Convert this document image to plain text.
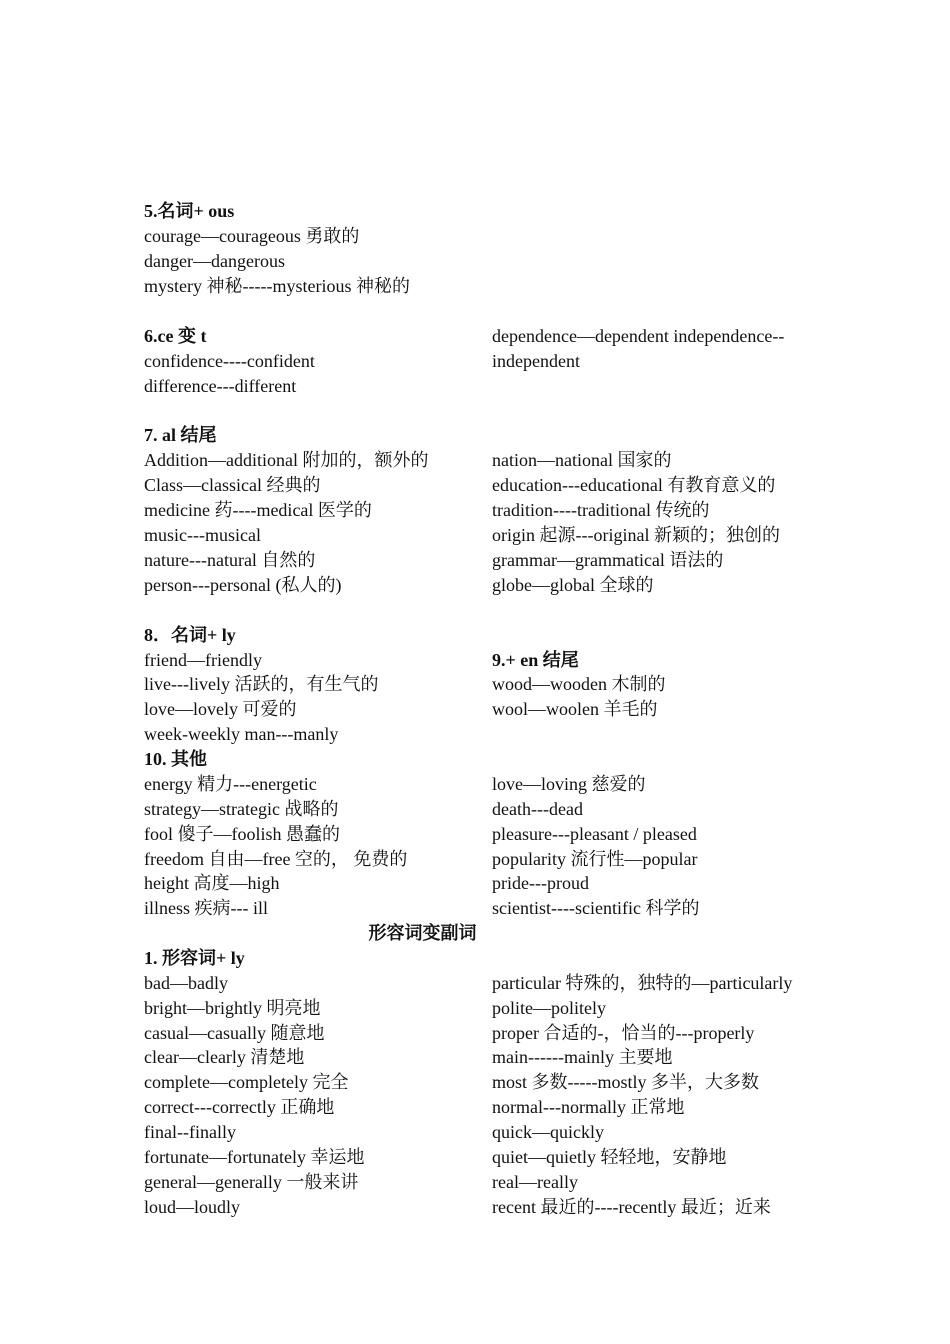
5.名词+ ous
courage—courageous 勇敢的
danger—dangerous
mystery 神秘-----mysterious 神秘的
6.ce 变 t
confidence----confident
difference---different
dependence—dependent independence--
independent
7. al 结尾
Addition—additional 附加的，额外的
Class—classical 经典的
medicine 药----medical 医学的
music---musical
nature---natural 自然的
person---personal (私人的)
nation—national 国家的
education---educational 有教育意义的
tradition----traditional 传统的
origin 起源---original 新颖的；独创的
grammar—grammatical 语法的
globe—global 全球的
8．名词+ ly
friend—friendly
live---lively 活跃的，有生气的
love—lovely 可爱的
week-weekly man---manly
9.+ en 结尾
wood—wooden 木制的
wool—woolen 羊毛的
10. 其他
energy 精力---energetic
strategy—strategic 战略的
fool 傻子—foolish 愚蠢的
freedom 自由—free 空的， 免费的
height 高度—high
illness 疾病--- ill
love—loving 慈爱的
death---dead
pleasure---pleasant / pleased
popularity 流行性—popular
pride---proud
scientist----scientific 科学的
形容词变副词
1. 形容词+ ly
bad—badly
bright—brightly 明亮地
casual—casually 随意地
clear—clearly 清楚地
complete—completely 完全
correct---correctly 正确地
final--finally
fortunate—fortunately 幸运地
general—generally 一般来讲
loud—loudly
particular 特殊的，独特的—particularly
polite—politely
proper 合适的-，恰当的---properly
main------mainly 主要地
most 多数-----mostly 多半，大多数
normal---normally 正常地
quick—quickly
quiet—quietly 轻轻地，安静地
real—really
recent 最近的----recently 最近；近来
